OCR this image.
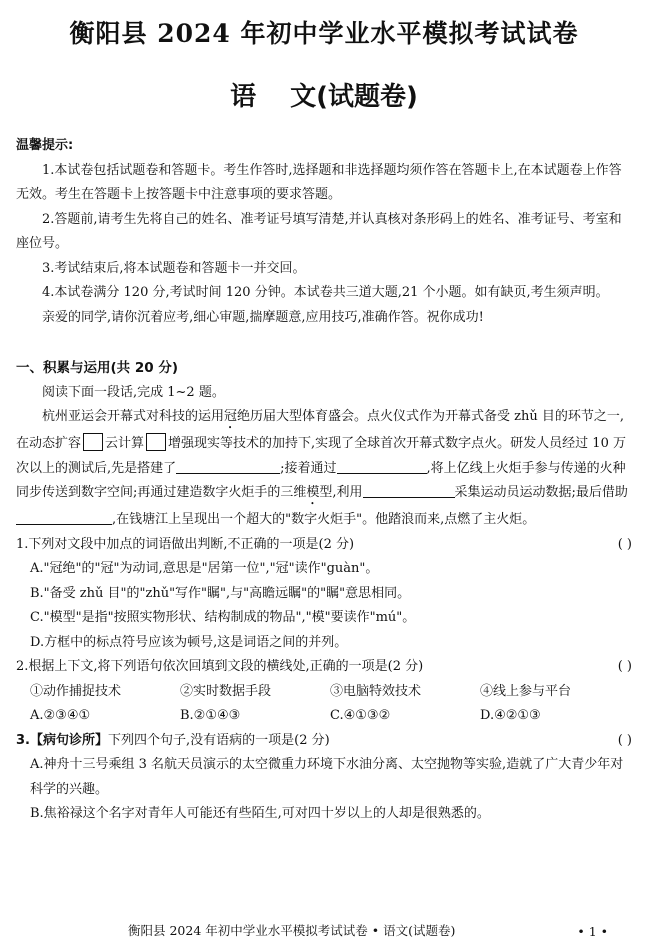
衡阳县 2024 年初中学业水平模拟考试试卷
语 文(试题卷)

温馨提示:

1.本试卷包括试题卷和答题卡。考生作答时,选择题和非选择题均须作答在答题卡上,在本试题卷上作答无效。考生在答题卡上按答题卡中注意事项的要求答题。

2.答题前,请考生先将自己的姓名、准考证号填写清楚,并认真核对条形码上的姓名、准考证号、考室和座位号。

3.考试结束后,将本试题卷和答题卡一并交回。

4.本试卷满分 120 分,考试时间 120 分钟。本试卷共三道大题,21 个小题。如有缺页,考生须声明。

亲爱的同学,请你沉着应考,细心审题,揣摩题意,应用技巧,准确作答。祝你成功!

一、积累与运用(共 20 分)

阅读下面一段话,完成 1~2 题。

杭州亚运会开幕式对科技的运用冠绝历届大型体育盛会。点火仪式作为开幕式备受 zhǔ 目的环节之一,在动态扩容 云计算 增强现实等技术的加持下,实现了全球首次开幕式数字点火。研发人员经过 10 万次以上的测试后,先是搭建了	;接着通过	,将上亿线上火炬手参与传递的火种同步传送到数字空间;再通过建造数字火炬手的三维模型,利用	采集运动员运动数据;最后借助,在钱塘江上呈现出一个超大的"数字火炬手"。他踏浪而来,点燃了主火炬。

1.下列对文段中加点的词语做出判断,不正确的一项是(2 分)	( )

A."冠绝"的"冠"为动词,意思是"居第一位","冠"读作"guàn"。

B."备受 zhǔ 目"的"zhǔ"写作"瞩",与"高瞻远瞩"的"瞩"意思相同。

C."模型"是指"按照实物形状、结构制成的物品","模"要读作"mú"。

D.方框中的标点符号应该为顿号,这是词语之间的并列。

2.根据上下文,将下列语句依次回填到文段的横线处,正确的一项是(2 分)	( )
①动作捕捉技术	②实时数据手段	③电脑特效技术	④线上参与平台
A.②③④①	B.②①④③	C.④①③②	D.④②①③
3.【病句诊所】下列四个句子,没有语病的一项是(2 分)	( )

A.神舟十三号乘组 3 名航天员演示的太空微重力环境下水油分离、太空抛物等实验,造就了广大青少年对科学的兴趣。

B.焦裕禄这个名字对青年人可能还有些陌生,可对四十岁以上的人却是很熟悉的。

衡阳县 2024 年初中学业水平模拟考试试卷 • 语文(试题卷)	• 1 •
